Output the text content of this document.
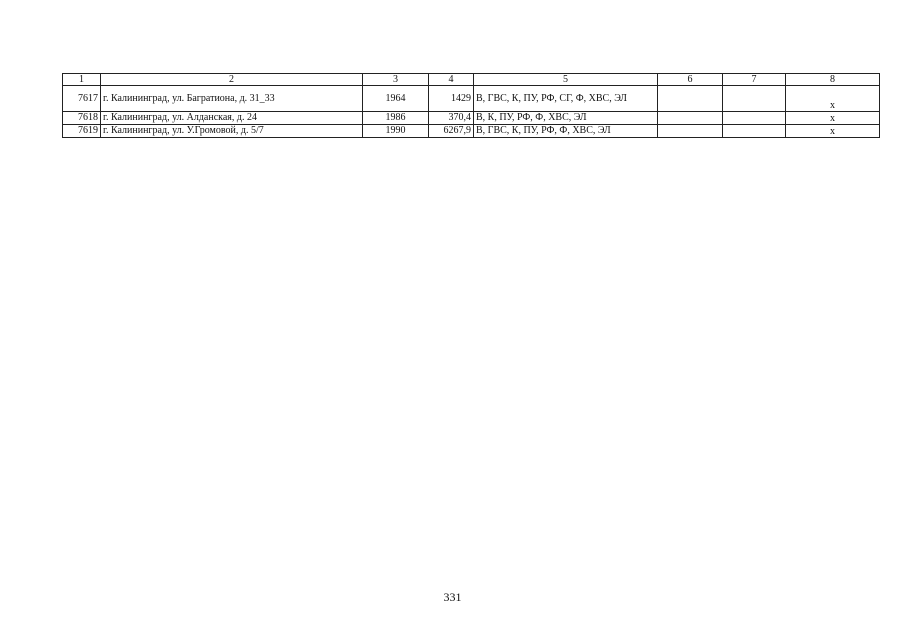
1	2	3	4	5	6	7	8
7617	г. Калининград, ул. Багратиона, д. 31_33	1964	1429	В, ГВС, К, ПУ, РФ, СГ, Ф, ХВС, ЭЛ			х
7618	г. Калининград, ул. Алданская, д. 24	1986	370,4	В, К, ПУ, РФ, Ф, ХВС, ЭЛ			х
7619	г. Калининград, ул. У.Громовой, д. 5/7	1990	6267,9	В, ГВС, К, ПУ, РФ, Ф, ХВС, ЭЛ			х
331
